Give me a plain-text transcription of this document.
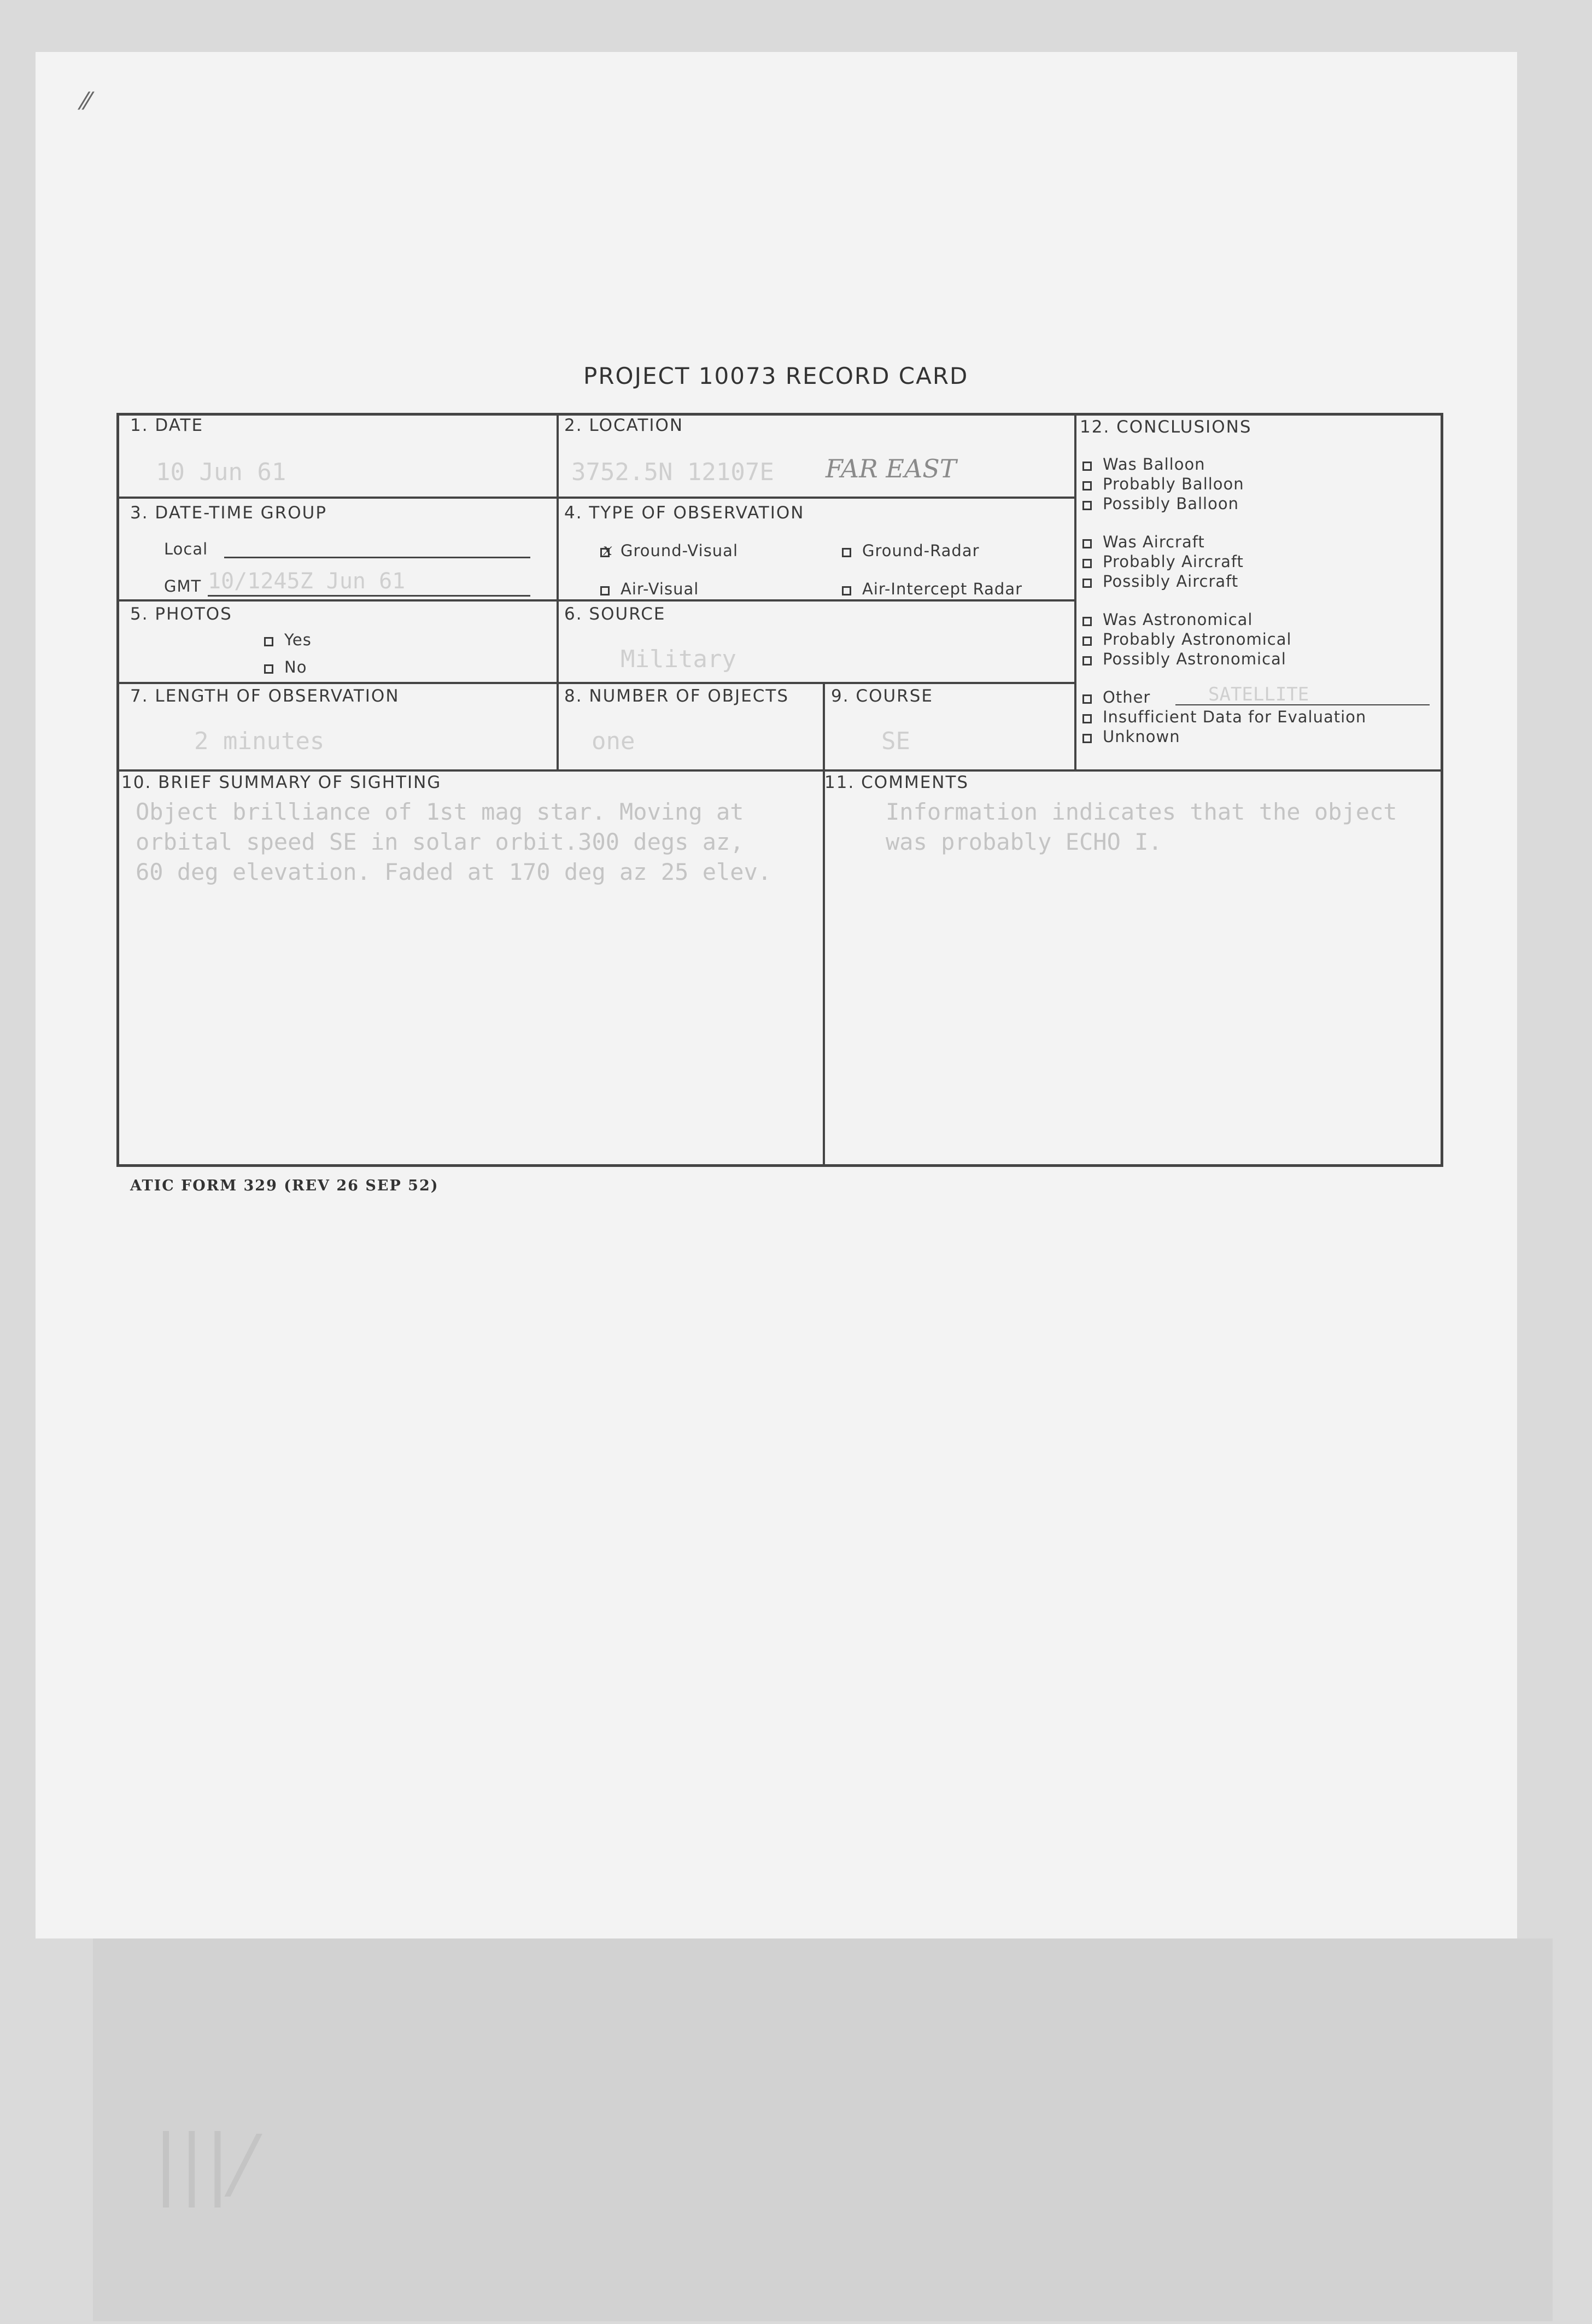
|||/
⁄⁄
PROJECT 10073 RECORD CARD
1. DATE
10 Jun 61
2. LOCATION
3752.5N 12107E FAR EAST
3. DATE-TIME GROUP
Local
GMT 10/1245Z Jun 61
4. TYPE OF OBSERVATION
Ground-Visual
x	Ground-Radar
Air-Visual	Air-Intercept Radar
5. PHOTOS
Yes
No
6. SOURCE
Military
7. LENGTH OF OBSERVATION
2 minutes
8. NUMBER OF OBJECTS
one
9. COURSE
SE
12. CONCLUSIONS
Was Balloon
Probably Balloon
Possibly Balloon
Was Aircraft
Probably Aircraft
Possibly Aircraft
Was Astronomical
Probably Astronomical
Possibly Astronomical
Other
Insufficient Data for Evaluation
Unknown
SATELLITE
10. BRIEF SUMMARY OF SIGHTING
Object brilliance of 1st mag star. Moving at
orbital speed SE in solar orbit.300 degs az,
60 deg elevation. Faded at 170 deg az 25 elev.
11. COMMENTS
Information indicates that the object
was probably ECHO I.
ATIC FORM 329 (REV 26 SEP 52)
